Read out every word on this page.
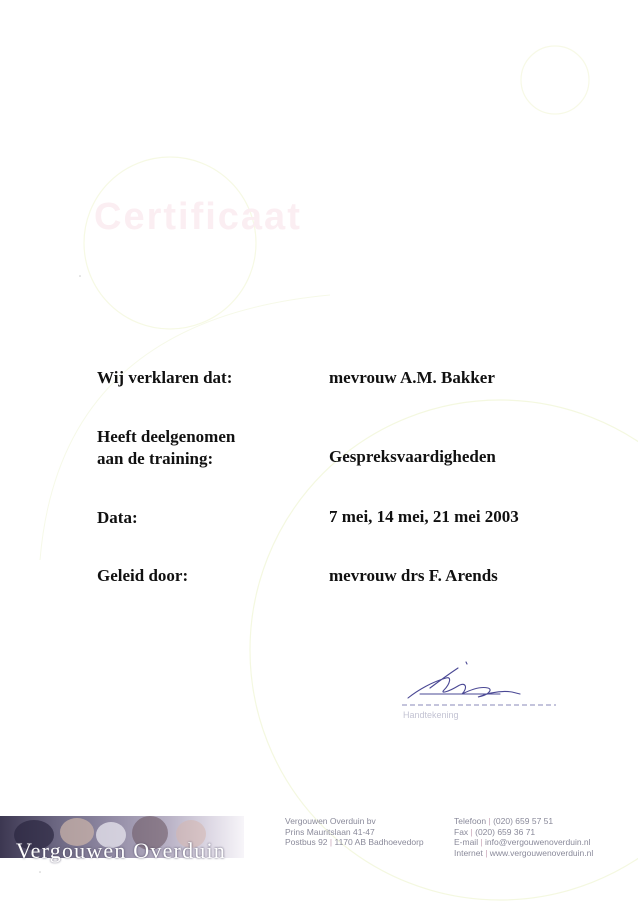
Certificaat
Wij verklaren dat:	mevrouw A.M. Bakker
Heeft deelgenomen
aan de training:	Gespreksvaardigheden
Data:	7 mei, 14 mei, 21 mei 2003
Geleid door:	mevrouw drs F. Arends
Handtekening
Vergouwen Overduin
Vergouwen Overduin bv
Prins Mauritslaan 41-47
Postbus 92 | 1170 AB Badhoevedorp
Telefoon | (020) 659 57 51
Fax | (020) 659 36 71
E-mail | info@vergouwenoverduin.nl
Internet | www.vergouwenoverduin.nl
